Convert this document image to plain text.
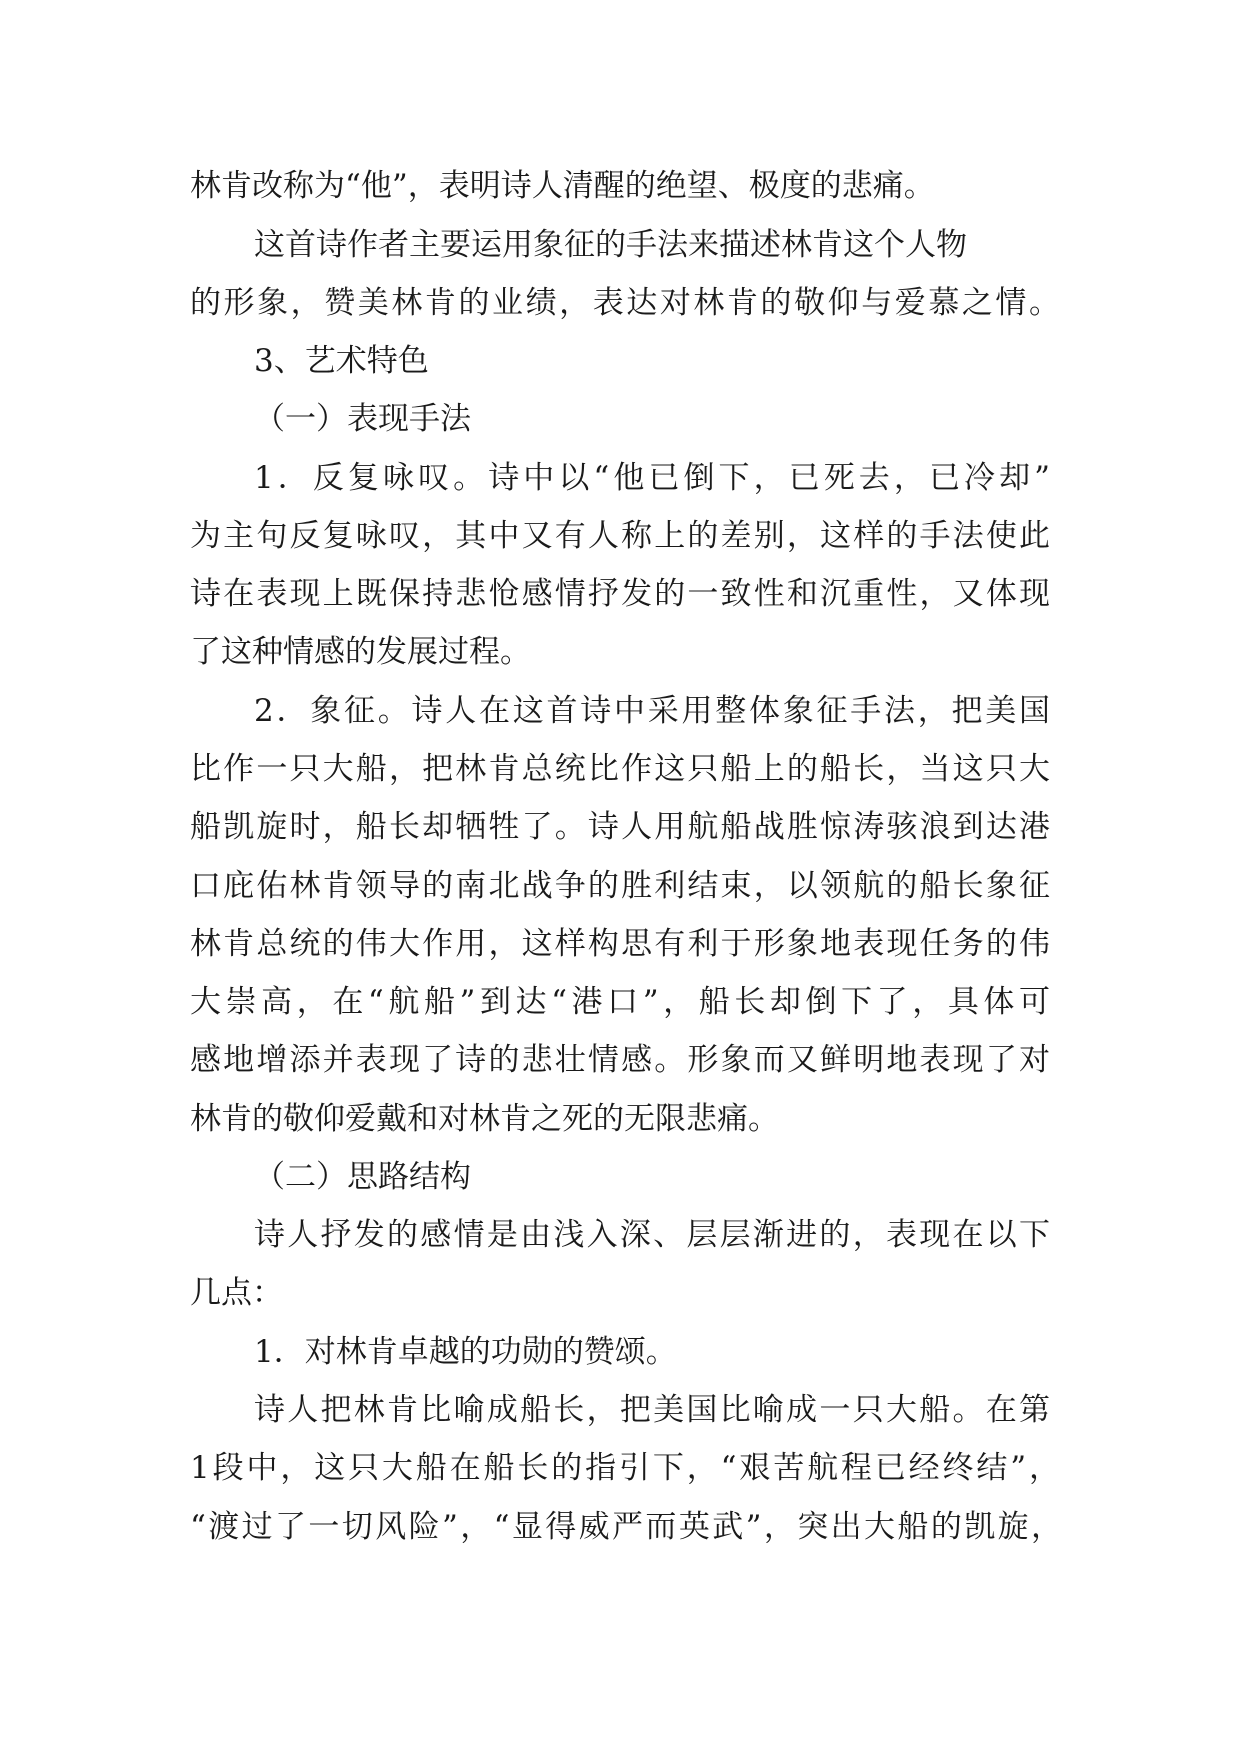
林肯改称为“他”，表明诗人清醒的绝望、极度的悲痛。

这首诗作者主要运用象征的手法来描述林肯这个人物

的形象，赞美林肯的业绩，表达对林肯的敬仰与爱慕之情。

3、艺术特色

（一）表现手法

1．反复咏叹。诗中以“他已倒下，已死去，已冷却”

为主句反复咏叹，其中又有人称上的差别，这样的手法使此

诗在表现上既保持悲怆感情抒发的一致性和沉重性，又体现

了这种情感的发展过程。

2．象征。诗人在这首诗中采用整体象征手法，把美国

比作一只大船，把林肯总统比作这只船上的船长，当这只大

船凯旋时，船长却牺牲了。诗人用航船战胜惊涛骇浪到达港

口庇佑林肯领导的南北战争的胜利结束，以领航的船长象征

林肯总统的伟大作用，这样构思有利于形象地表现任务的伟

大崇高，在“航船”到达“港口”，船长却倒下了，具体可

感地增添并表现了诗的悲壮情感。形象而又鲜明地表现了对

林肯的敬仰爱戴和对林肯之死的无限悲痛。

（二）思路结构

诗人抒发的感情是由浅入深、层层渐进的，表现在以下

几点：

1．对林肯卓越的功勋的赞颂。

诗人把林肯比喻成船长，把美国比喻成一只大船。在第

1段中，这只大船在船长的指引下，“艰苦航程已经终结”，

“渡过了一切风险”，“显得威严而英武”，突出大船的凯旋，
